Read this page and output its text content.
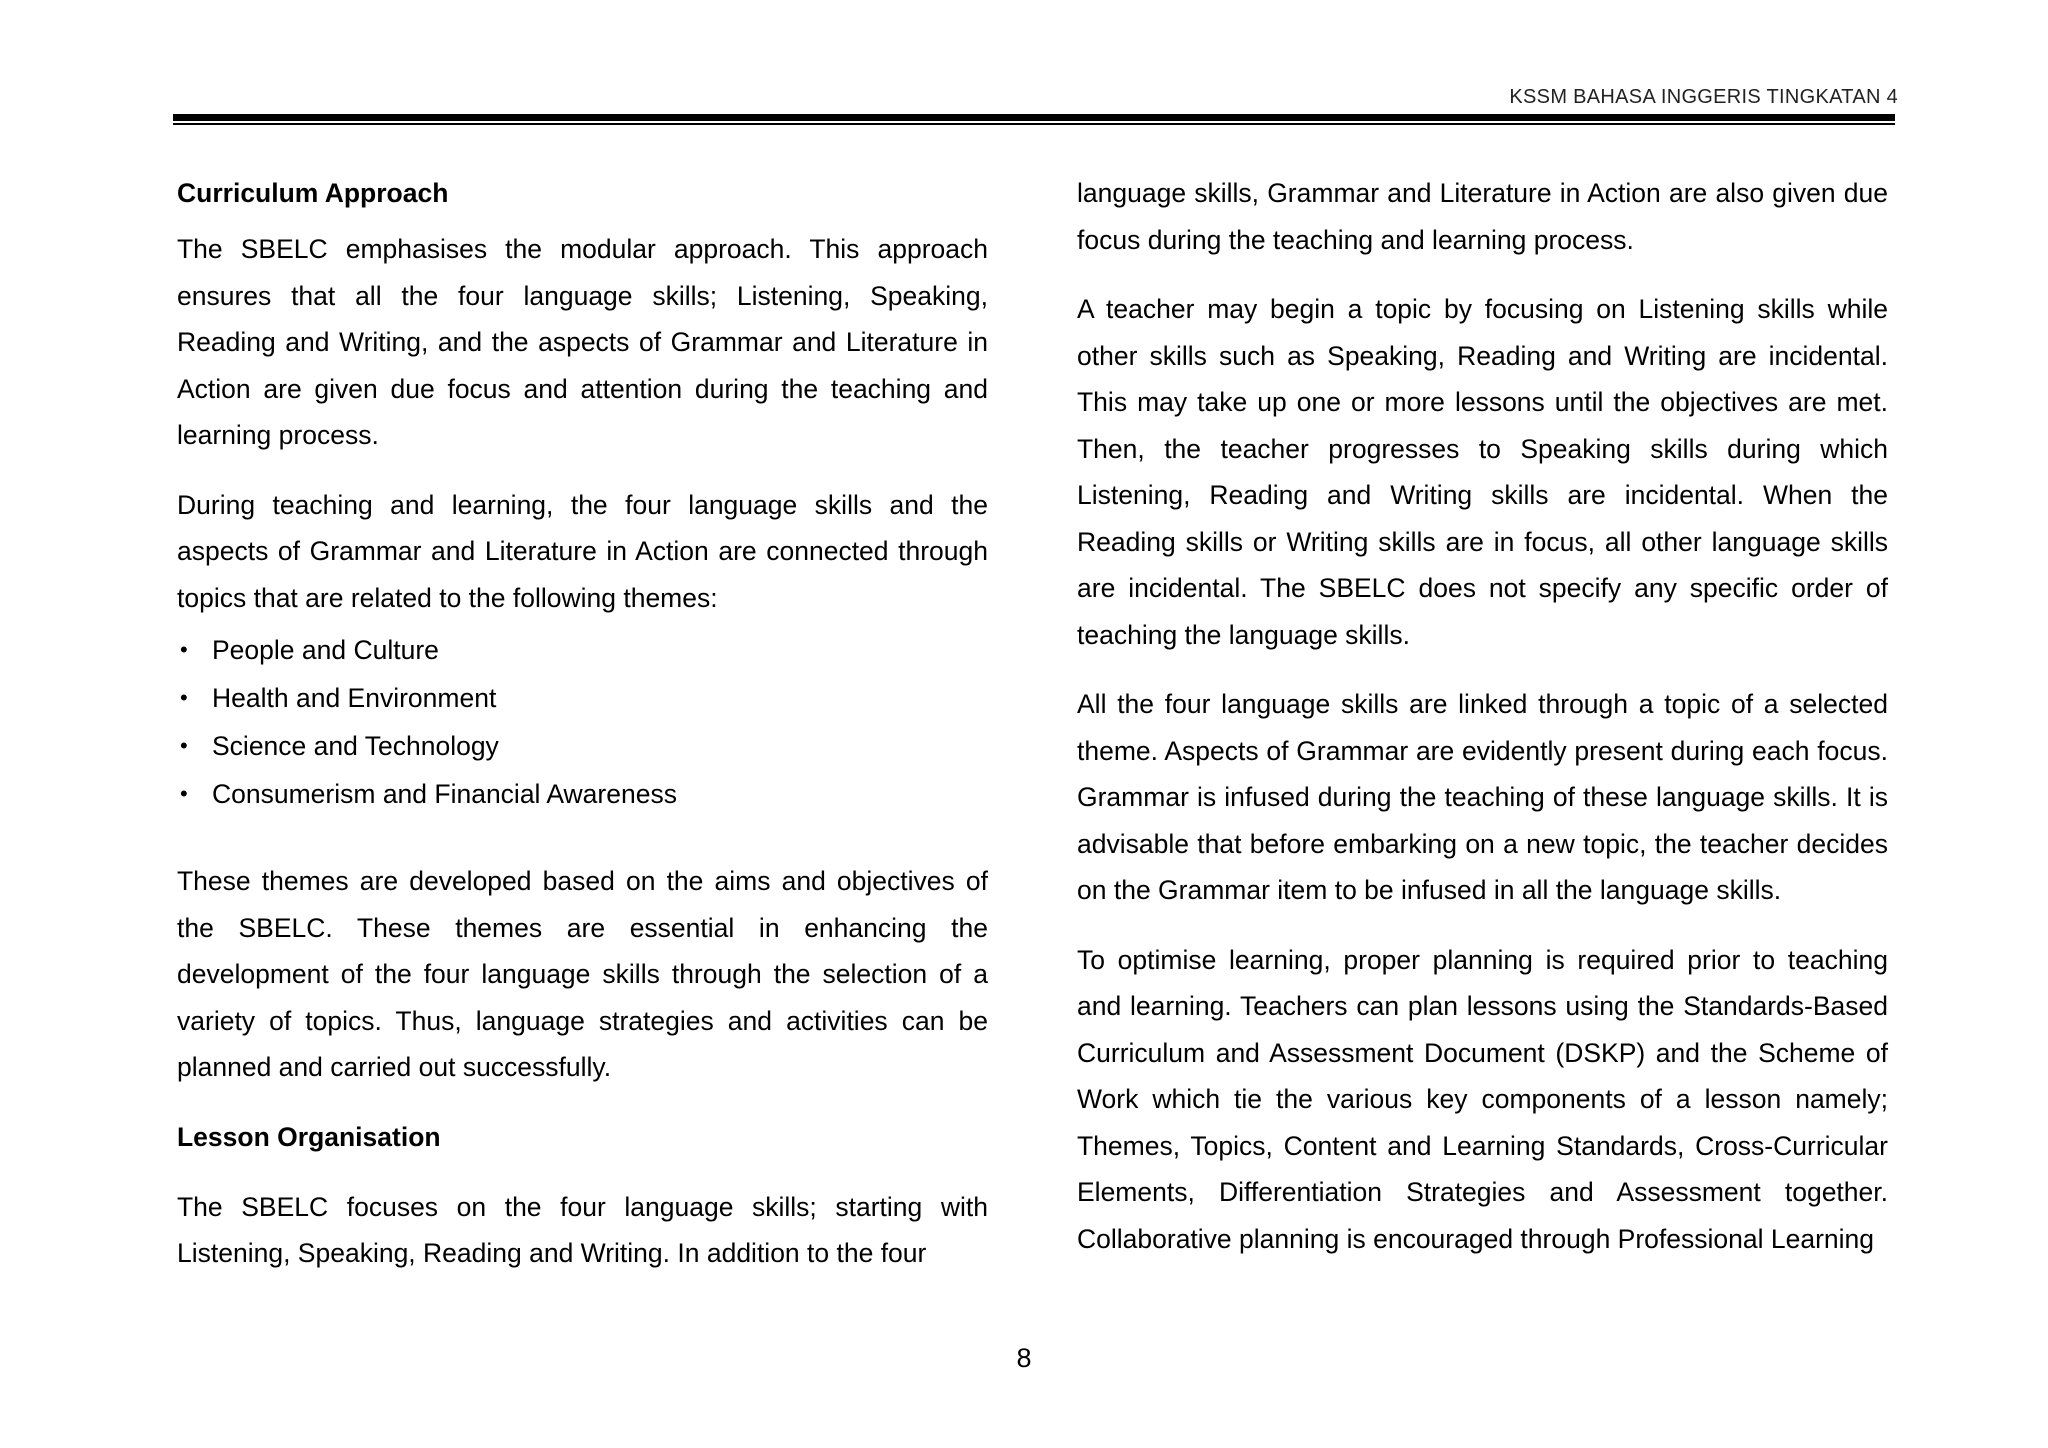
KSSM BAHASA INGGERIS TINGKATAN 4
Curriculum Approach

The SBELC emphasises the modular approach. This approach ensures that all the four language skills; Listening, Speaking, Reading and Writing, and the aspects of Grammar and Literature in Action are given due focus and attention during the teaching and learning process.

During teaching and learning, the four language skills and the aspects of Grammar and Literature in Action are connected through topics that are related to the following themes:

• People and Culture
• Health and Environment
• Science and Technology
• Consumerism and Financial Awareness

These themes are developed based on the aims and objectives of the SBELC. These themes are essential in enhancing the development of the four language skills through the selection of a variety of topics. Thus, language strategies and activities can be planned and carried out successfully.

Lesson Organisation

The SBELC focuses on the four language skills; starting with Listening, Speaking, Reading and Writing. In addition to the four

language skills, Grammar and Literature in Action are also given due focus during the teaching and learning process.

A teacher may begin a topic by focusing on Listening skills while other skills such as Speaking, Reading and Writing are incidental. This may take up one or more lessons until the objectives are met. Then, the teacher progresses to Speaking skills during which Listening, Reading and Writing skills are incidental. When the Reading skills or Writing skills are in focus, all other language skills are incidental. The SBELC does not specify any specific order of teaching the language skills.

All the four language skills are linked through a topic of a selected theme. Aspects of Grammar are evidently present during each focus. Grammar is infused during the teaching of these language skills. It is advisable that before embarking on a new topic, the teacher decides on the Grammar item to be infused in all the language skills.

To optimise learning, proper planning is required prior to teaching and learning. Teachers can plan lessons using the Standards-Based Curriculum and Assessment Document (DSKP) and the Scheme of Work which tie the various key components of a lesson namely; Themes, Topics, Content and Learning Standards, Cross-Curricular Elements, Differentiation Strategies and Assessment together. Collaborative planning is encouraged through Professional Learning

8
